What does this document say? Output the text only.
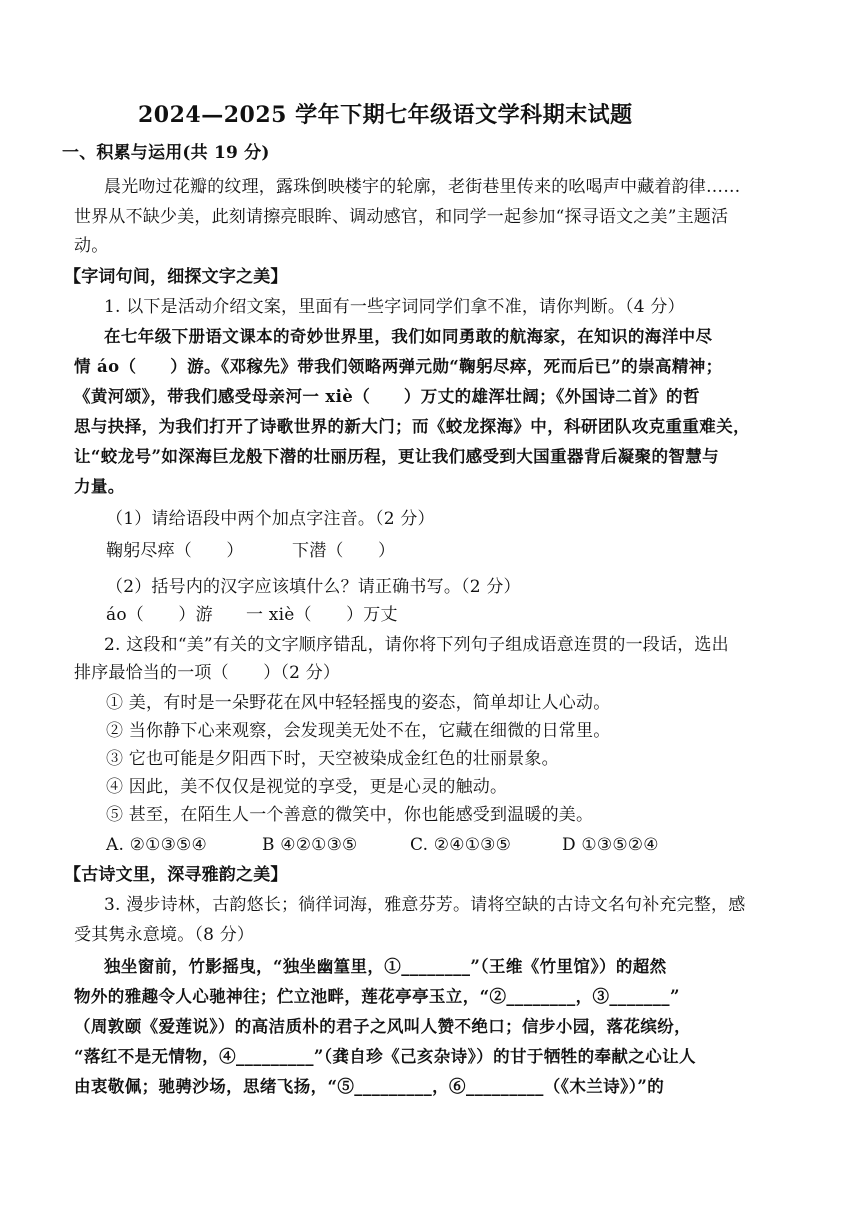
2024—2025 学年下期七年级语文学科期末试题
一、积累与运用(共 19 分)
晨光吻过花瓣的纹理，露珠倒映楼宇的轮廓，老街巷里传来的吆喝声中藏着韵律……
世界从不缺少美，此刻请擦亮眼眸、调动感官，和同学一起参加“探寻语文之美”主题活
动。
【字词句间，细探文字之美】
1. 以下是活动介绍文案，里面有一些字词同学们拿不准，请你判断。（4 分）
在七年级下册语文课本的奇妙世界里，我们如同勇敢的航海家，在知识的海洋中尽
情 áo（　　）游。《邓稼先》带我们领略两弹元勋“鞠躬尽瘁，死而后已”的崇高精神；
《黄河颂》，带我们感受母亲河一 xiè（　　）万丈的雄浑壮阔；《外国诗二首》的哲
思与抉择，为我们打开了诗歌世界的新大门；而《蛟龙探海》中，科研团队攻克重重难关，
让“蛟龙号”如深海巨龙般下潜的壮丽历程，更让我们感受到大国重器背后凝聚的智慧与
力量。
（1）请给语段中两个加点字注音。（2 分）
鞠躬尽瘁（　　）	下潜（　　）
（2）括号内的汉字应该填什么？请正确书写。（2 分）
áo（　　）游 一 xiè（　　）万丈
2. 这段和“美”有关的文字顺序错乱，请你将下列句子组成语意连贯的一段话，选出
排序最恰当的一项（　　）（2 分）
① 美，有时是一朵野花在风中轻轻摇曳的姿态，简单却让人心动。
② 当你静下心来观察，会发现美无处不在，它藏在细微的日常里。
③ 它也可能是夕阳西下时，天空被染成金红色的壮丽景象。
④ 因此，美不仅仅是视觉的享受，更是心灵的触动。
⑤ 甚至，在陌生人一个善意的微笑中，你也能感受到温暖的美。
A. ②①③⑤④	B ④②①③⑤	C. ②④①③⑤	D ①③⑤②④
【古诗文里，深寻雅韵之美】
3. 漫步诗林，古韵悠长；徜徉词海，雅意芬芳。请将空缺的古诗文名句补充完整，感
受其隽永意境。（8 分）
独坐窗前，竹影摇曳，“独坐幽篁里，①________”（王维《竹里馆》）的超然
物外的雅趣令人心驰神往；伫立池畔，莲花亭亭玉立，“②________，③_______”
（周敦颐《爱莲说》）的高洁质朴的君子之风叫人赞不绝口；信步小园，落花缤纷，
“落红不是无情物，④_________”（龚自珍《己亥杂诗》）的甘于牺牲的奉献之心让人
由衷敬佩；驰骋沙场，思绪飞扬，“⑤_________，⑥_________（《木兰诗》）”的
